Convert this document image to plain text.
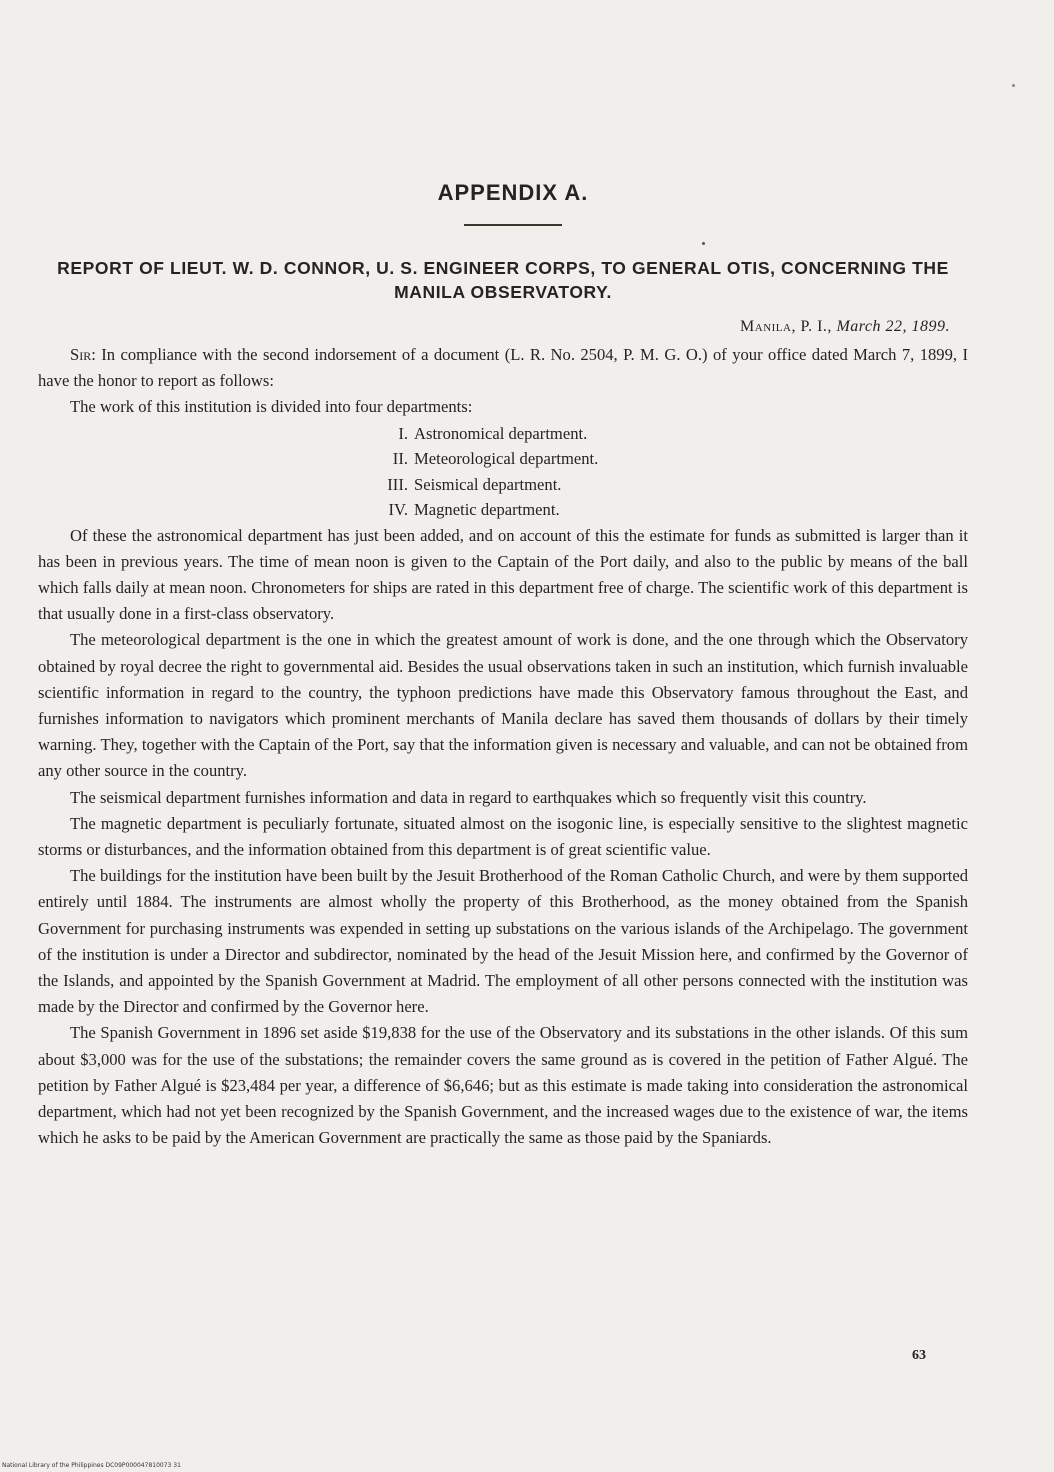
APPENDIX A.
REPORT OF LIEUT. W. D. CONNOR, U. S. ENGINEER CORPS, TO GENERAL OTIS, CONCERNING THE MANILA OBSERVATORY.
Manila, P. I., March 22, 1899.

Sir: In compliance with the second indorsement of a document (L. R. No. 2504, P. M. G. O.) of your office dated March 7, 1899, I have the honor to report as follows:

The work of this institution is divided into four departments:

I. Astronomical department.
II. Meteorological department.
III. Seismical department.
IV. Magnetic department.

Of these the astronomical department has just been added, and on account of this the estimate for funds as submitted is larger than it has been in previous years. The time of mean noon is given to the Captain of the Port daily, and also to the public by means of the ball which falls daily at mean noon. Chronometers for ships are rated in this department free of charge. The scientific work of this department is that usually done in a first-class observatory.

The meteorological department is the one in which the greatest amount of work is done, and the one through which the Observatory obtained by royal decree the right to governmental aid. Besides the usual observations taken in such an institution, which furnish invaluable scientific information in regard to the country, the typhoon predictions have made this Observatory famous throughout the East, and furnishes information to navigators which prominent merchants of Manila declare has saved them thousands of dollars by their timely warning. They, together with the Captain of the Port, say that the information given is necessary and valuable, and can not be obtained from any other source in the country.

The seismical department furnishes information and data in regard to earthquakes which so frequently visit this country.

The magnetic department is peculiarly fortunate, situated almost on the isogonic line, is especially sensitive to the slightest magnetic storms or disturbances, and the information obtained from this department is of great scientific value.

The buildings for the institution have been built by the Jesuit Brotherhood of the Roman Catholic Church, and were by them supported entirely until 1884. The instruments are almost wholly the property of this Brotherhood, as the money obtained from the Spanish Government for purchasing instruments was expended in setting up substations on the various islands of the Archipelago. The government of the institution is under a Director and subdirector, nominated by the head of the Jesuit Mission here, and confirmed by the Governor of the Islands, and appointed by the Spanish Government at Madrid. The employment of all other persons connected with the institution was made by the Director and confirmed by the Governor here.

The Spanish Government in 1896 set aside $19,838 for the use of the Observatory and its substations in the other islands. Of this sum about $3,000 was for the use of the substations; the remainder covers the same ground as is covered in the petition of Father Algué. The petition by Father Algué is $23,484 per year, a difference of $6,646; but as this estimate is made taking into consideration the astronomical department, which had not yet been recognized by the Spanish Government, and the increased wages due to the existence of war, the items which he asks to be paid by the American Government are practically the same as those paid by the Spaniards.

63
National Library of the Philippines DC09P000047810073 31
